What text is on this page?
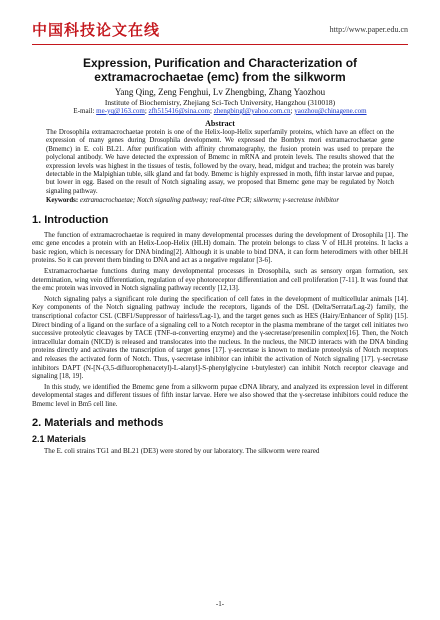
中国科技论文在线	http://www.paper.edu.cn
Expression, Purification and Characterization of
extramacrochaetae (emc) from the silkworm
Yang Qing, Zeng Fenghui, Lv Zhengbing, Zhang Yaozhou
Institute of Biochemistry, Zhejiang Sci-Tech University, Hangzhou (310018)
E-mail: me-yq@163.com; zfh515416@sina.com; zhengbingl@yahoo.com.cn; yaozhou@chinagene.com
Abstract
The Drosophila extramacrochaetae protein is one of the Helix-loop-Helix superfamily proteins, which have an effect on the expression of many genes during Drosophila development. We expressed the Bombyx mori extramacrochaetae gene (Bmemc) in E. coli BL21. After purification with affinity chromatography, the fusion protein was used to prepare the polyclonal antibody. We have detected the expression of Bmemc in mRNA and protein levels. The results showed that the expression levels was highest in the tissues of testis, followed by the ovary, head, midgut and trachea; the protein was barely detectable in the Malpighian tuble, silk gland and fat body. Bmemc is highly expressed in moth, fifth instar larvae and pupae, but lower in egg. Based on the result of Notch signaling assay, we proposed that Bmemc gene may be regulated by Notch signaling pathway.
Keywords: extramacrochaetae; Notch signaling pathway; real-time PCR; silkworm; γ-secretase inhibitor
1. Introduction

The function of extramacrochaetae is required in many developmental processes during the development of Drosophila [1]. The emc gene encodes a protein with an Helix-Loop-Helix (HLH) domain. The protein belongs to class V of HLH proteins. It lacks a basic region, which is necessary for DNA binding[2]. Although it is unable to bind DNA, it can form heterodimers with other bHLH proteins. So it can prevent them binding to DNA and act as a negative regulator [3-6].

Extramacrochaetae functions during many developmental processes in Drosophila, such as sensory organ formation, sex determination, wing vein differentiation, regulation of eye photoreceptor differentiation and cell proliferation [7-11]. It was found that the emc protein was invoved in Notch signaling pathway recently [12,13].

Notch signaling palys a significant role during the specification of cell fates in the development of multicellular animals [14]. Key components of the Notch signaling pathway include the receptors, ligands of the DSL (Delta/Serrata/Lag-2) family, the transcriptional cofactor CSL (CBF1/Suppressor of hairless/Lag-1), and the target genes such as HES (Hairy/Enhancer of Split) [15]. Direct binding of a ligand on the surface of a signaling cell to a Notch receptor in the plasma membrane of the target cell initiates two successive proteolytic cleavages by TACE (TNF-α-converting enzyme) and the γ-secretase/presenilin complex[16]. Then, the Notch intracellular domain (NICD) is released and translocates into the nucleus. In the nucleus, the NICD interacts with the DNA binding proteins directly and activates the transcription of target genes [17]. γ-secretase is known to mediate proteolysis of Notch receptors and releases the activated form of Notch. Thus, γ-secretase inhibitor can inhibit the activation of Notch signaling [17]. γ-secretase inhibitors DAPT (N-[N-(3,5-difluorophenacetyl)-L-alanyl]-S-phenylglycine t-butylester) can inhibit Notch receptor cleavage and signaling [18, 19].

In this study, we identified the Bmemc gene from a silkworm pupae cDNA library, and analyzed its expression level in different developmental stages and different tissues of fifth instar larvae. Here we also showed that the γ-secretase inhibitors could reduce the Bmemc level in Bm5 cell line.

2. Materials and methods
2.1 Materials

The E. coli strains TG1 and BL21 (DE3) were stored by our laboratory. The silkworm were reared

-1-
